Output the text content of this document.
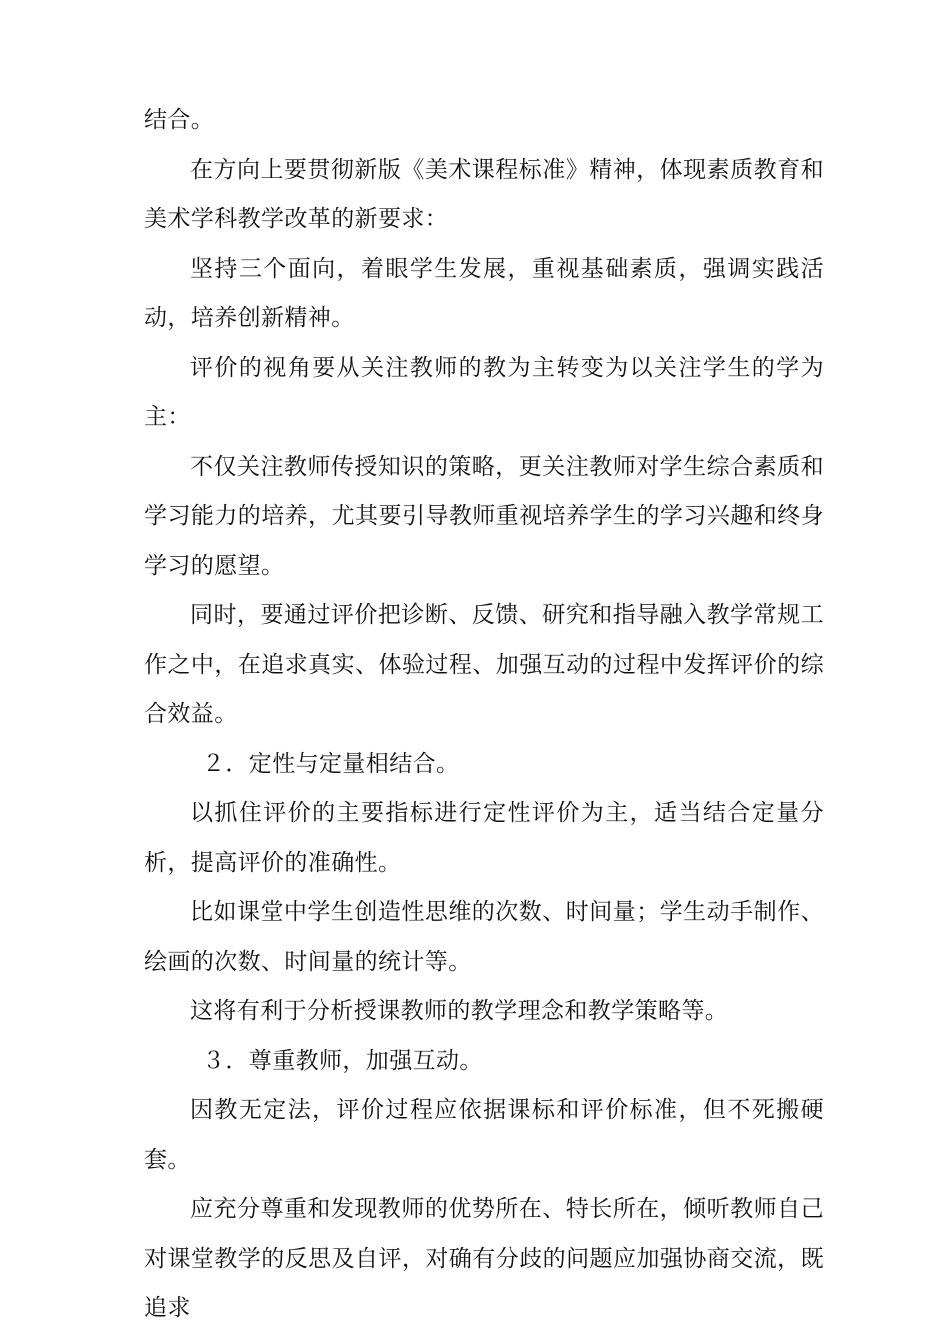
结合。

在方向上要贯彻新版《美术课程标准》精神，体现素质教育和美术学科教学改革的新要求：

坚持三个面向，着眼学生发展，重视基础素质，强调实践活动，培养创新精神。

评价的视角要从关注教师的教为主转变为以关注学生的学为主：

不仅关注教师传授知识的策略，更关注教师对学生综合素质和学习能力的培养，尤其要引导教师重视培养学生的学习兴趣和终身学习的愿望。

同时，要通过评价把诊断、反馈、研究和指导融入教学常规工作之中，在追求真实、体验过程、加强互动的过程中发挥评价的综合效益。

２．定性与定量相结合。

以抓住评价的主要指标进行定性评价为主，适当结合定量分析，提高评价的准确性。

比如课堂中学生创造性思维的次数、时间量；学生动手制作、绘画的次数、时间量的统计等。

这将有利于分析授课教师的教学理念和教学策略等。

３．尊重教师，加强互动。

因教无定法，评价过程应依据课标和评价标准，但不死搬硬套。

应充分尊重和发现教师的优势所在、特长所在，倾听教师自己对课堂教学的反思及自评，对确有分歧的问题应加强协商交流，既追求
